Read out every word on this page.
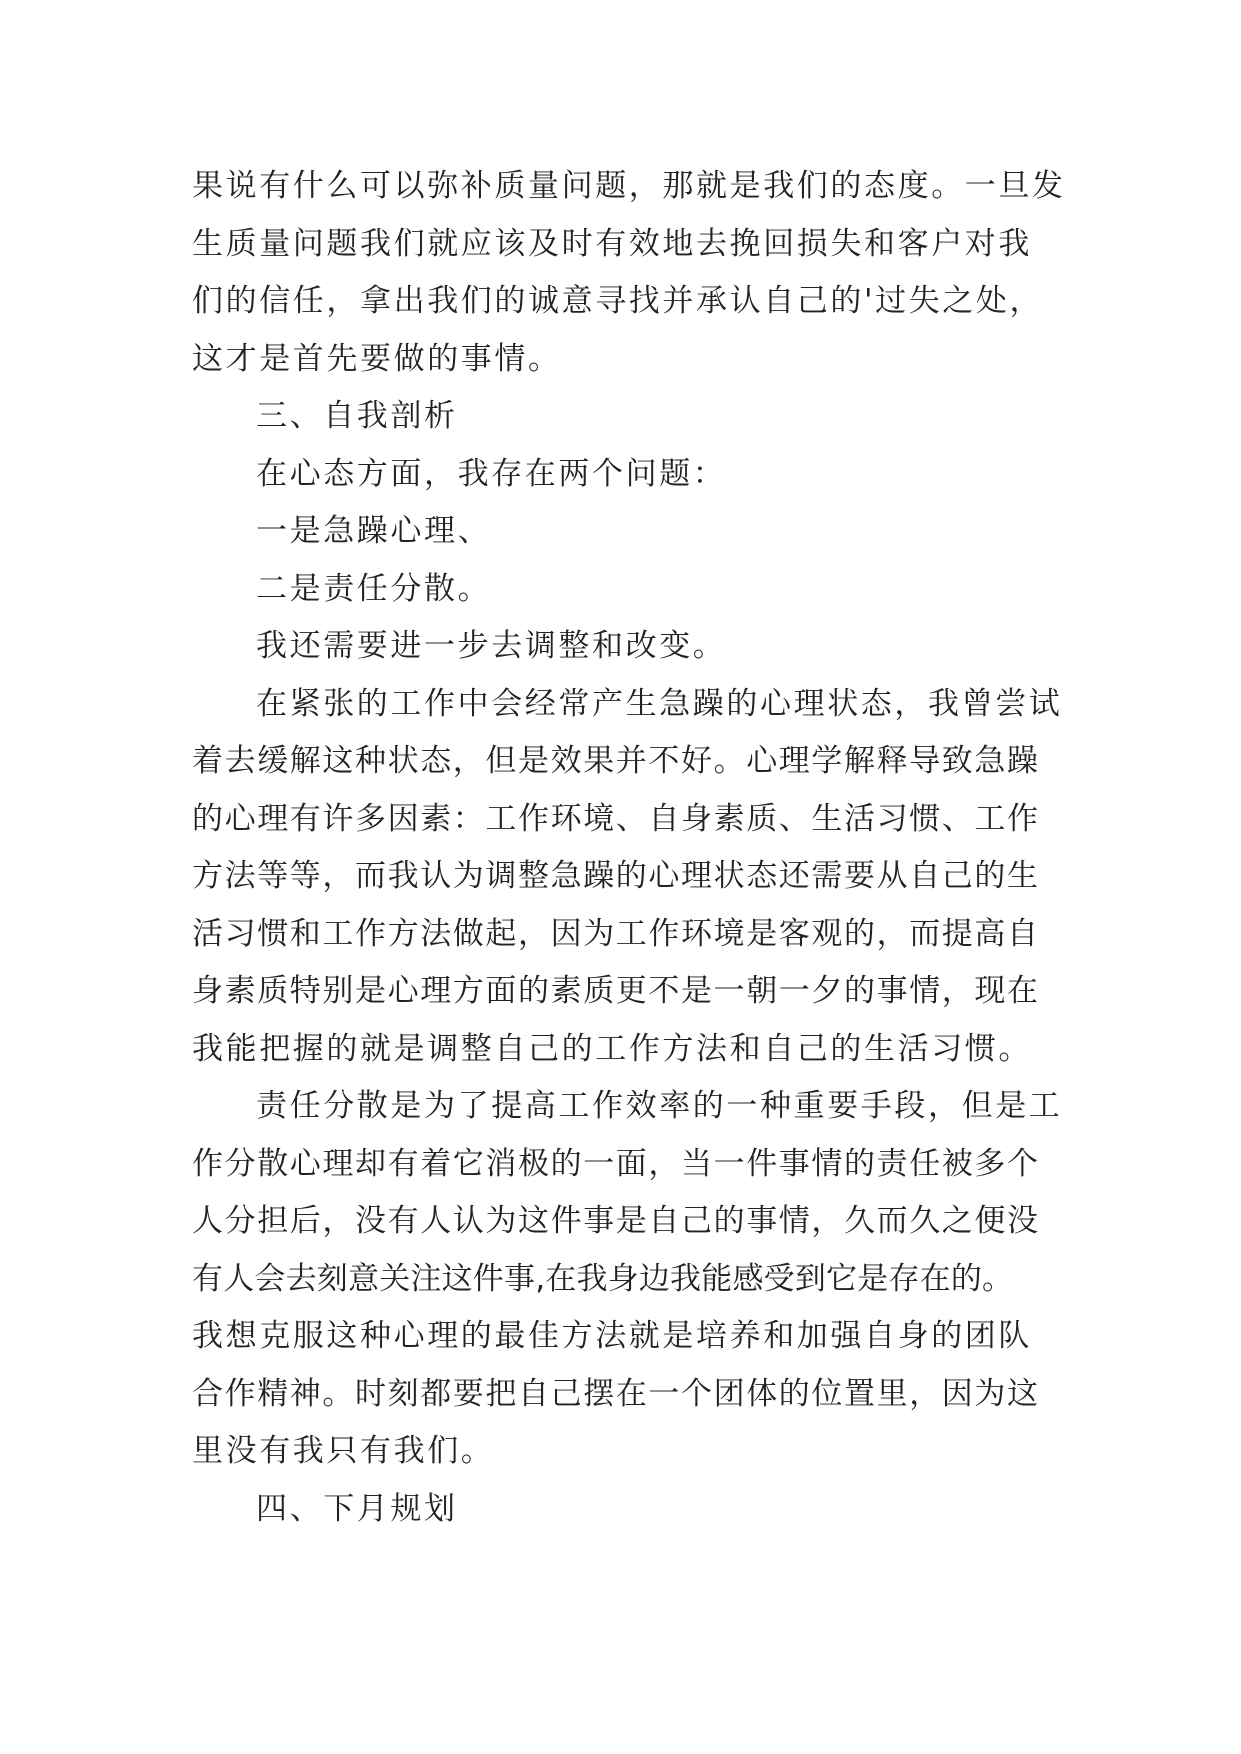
果说有什么可以弥补质量问题，那就是我们的态度。一旦发
生质量问题我们就应该及时有效地去挽回损失和客户对我
们的信任，拿出我们的诚意寻找并承认自己的'过失之处，
这才是首先要做的事情。
三、自我剖析
在心态方面，我存在两个问题：
一是急躁心理、
二是责任分散。
我还需要进一步去调整和改变。
在紧张的工作中会经常产生急躁的心理状态，我曾尝试
着去缓解这种状态，但是效果并不好。心理学解释导致急躁
的心理有许多因素：工作环境、自身素质、生活习惯、工作
方法等等，而我认为调整急躁的心理状态还需要从自己的生
活习惯和工作方法做起，因为工作环境是客观的，而提高自
身素质特别是心理方面的素质更不是一朝一夕的事情，现在
我能把握的就是调整自己的工作方法和自己的生活习惯。
责任分散是为了提高工作效率的一种重要手段，但是工
作分散心理却有着它消极的一面，当一件事情的责任被多个
人分担后，没有人认为这件事是自己的事情，久而久之便没
有人会去刻意关注这件事,在我身边我能感受到它是存在的。
我想克服这种心理的最佳方法就是培养和加强自身的团队
合作精神。时刻都要把自己摆在一个团体的位置里，因为这
里没有我只有我们。
四、下月规划
